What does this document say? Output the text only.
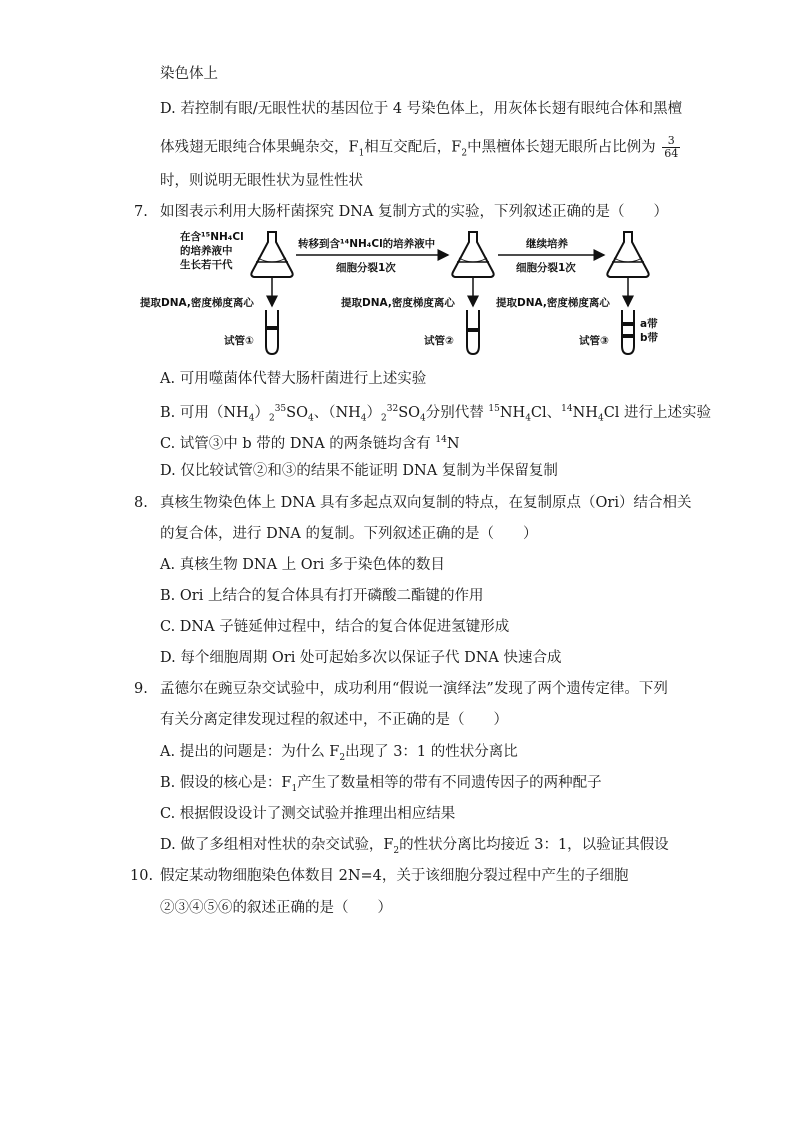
染色体上
D. 若控制有眼/无眼性状的基因位于 4 号染色体上，用灰体长翅有眼纯合体和黑檀
体残翅无眼纯合体果蝇杂交，$F_1$相互交配后，$F_2$中黑檀体长翅无眼所占比例为 $\frac{3}{64}$
时，则说明无眼性状为显性性状
7. 如图表示利用大肠杆菌探究 DNA 复制方式的实验，下列叙述正确的是（　　）
在含¹⁵NH₄Cl
的培养液中
生长若干代
转移到含¹⁴NH₄Cl的培养液中
细胞分裂1次
继续培养
细胞分裂1次
提取DNA,密度梯度离心	提取DNA,密度梯度离心	提取DNA,密度梯度离心
试管①	试管②	试管③
a带
b带
A. 可用噬菌体代替大肠杆菌进行上述实验
B. 可用$(NH_4)_2^{35}SO_4$、$(NH_4)_2^{32}SO_4$分别代替 $^{15}NH_4Cl$、$^{14}NH_4Cl$ 进行上述实验
C. 试管③中 b 带的 DNA 的两条链均含有 $^{14}$N
D. 仅比较试管②和③的结果不能证明 DNA 复制为半保留复制
8. 真核生物染色体上 DNA 具有多起点双向复制的特点，在复制原点（Ori）结合相关
的复合体，进行 DNA 的复制。下列叙述正确的是（　　）
A. 真核生物 DNA 上 Ori 多于染色体的数目
B. Ori 上结合的复合体具有打开磷酸二酯键的作用
C. DNA 子链延伸过程中，结合的复合体促进氢键形成
D. 每个细胞周期 Ori 处可起始多次以保证子代 DNA 快速合成
9. 孟德尔在豌豆杂交试验中，成功利用“假说一演绎法”发现了两个遗传定律。下列
有关分离定律发现过程的叙述中，不正确的是（　　）
A. 提出的问题是：为什么 $F_2$出现了 3：1 的性状分离比
B. 假设的核心是：$F_1$产生了数量相等的带有不同遗传因子的两种配子
C. 根据假设设计了测交试验并推理出相应结果
D. 做了多组相对性状的杂交试验，$F_2$的性状分离比均接近 3：1，以验证其假设
10. 假定某动物细胞染色体数目 2N=4，关于该细胞分裂过程中产生的子细胞
②③④⑤⑥的叙述正确的是（　　）
